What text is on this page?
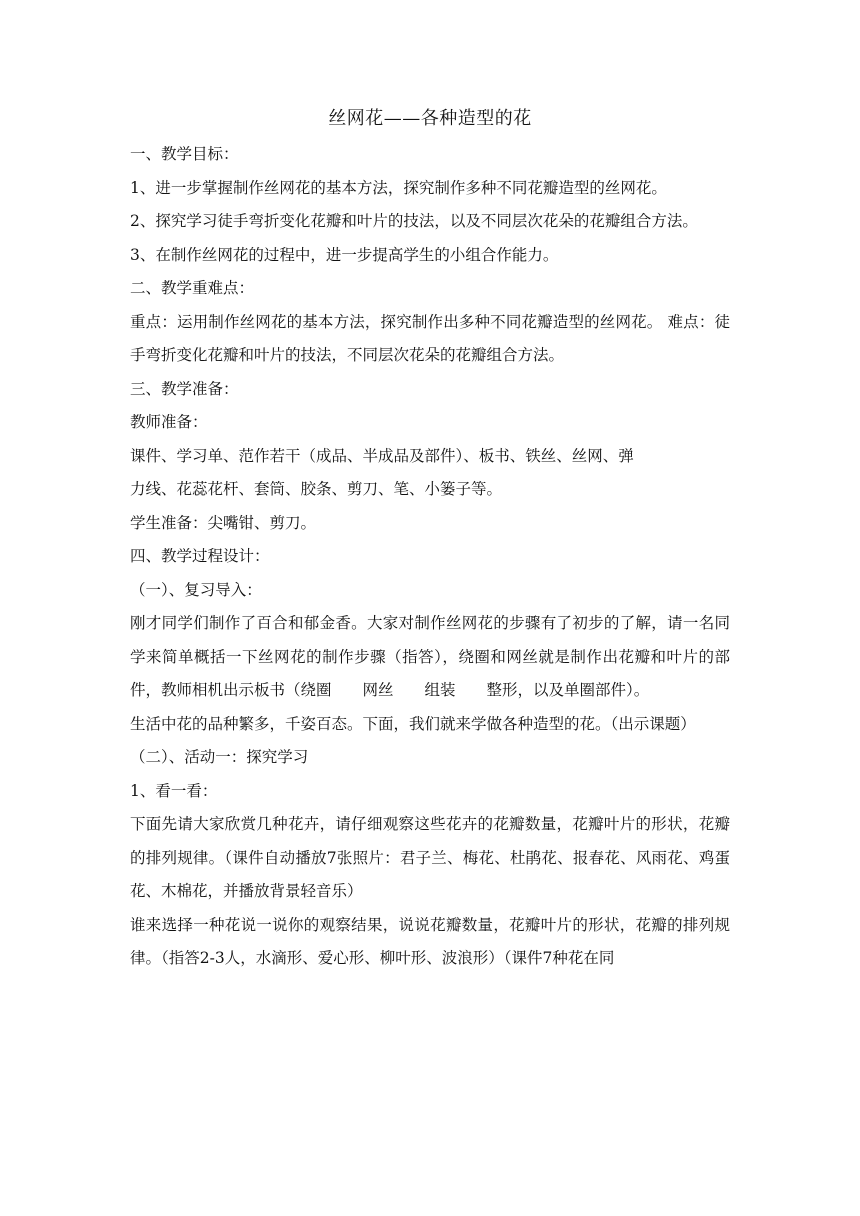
丝网花——各种造型的花

一、教学目标：

1、进一步掌握制作丝网花的基本方法，探究制作多种不同花瓣造型的丝网花。

2、探究学习徒手弯折变化花瓣和叶片的技法，以及不同层次花朵的花瓣组合方法。

3、在制作丝网花的过程中，进一步提高学生的小组合作能力。

二、教学重难点：

重点：运用制作丝网花的基本方法，探究制作出多种不同花瓣造型的丝网花。 难点：徒手弯折变化花瓣和叶片的技法，不同层次花朵的花瓣组合方法。

三、教学准备：

教师准备：

课件、学习单、范作若干（成品、半成品及部件）、板书、铁丝、丝网、弹

力线、花蕊花杆、套筒、胶条、剪刀、笔、小篓子等。

学生准备：尖嘴钳、剪刀。

四、教学过程设计：

（一）、复习导入：

刚才同学们制作了百合和郁金香。大家对制作丝网花的步骤有了初步的了解，请一名同学来简单概括一下丝网花的制作步骤（指答），绕圈和网丝就是制作出花瓣和叶片的部件，教师相机出示板书（绕圈　　网丝　　组装　　整形，以及单圈部件）。

生活中花的品种繁多，千姿百态。下面，我们就来学做各种造型的花。（出示课题）

（二）、活动一：探究学习

1、看一看：

下面先请大家欣赏几种花卉，请仔细观察这些花卉的花瓣数量，花瓣叶片的形状，花瓣的排列规律。（课件自动播放7张照片：君子兰、梅花、杜鹃花、报春花、风雨花、鸡蛋花、木棉花，并播放背景轻音乐）

谁来选择一种花说一说你的观察结果，说说花瓣数量，花瓣叶片的形状，花瓣的排列规律。（指答2-3人，水滴形、爱心形、柳叶形、波浪形）（课件7种花在同
